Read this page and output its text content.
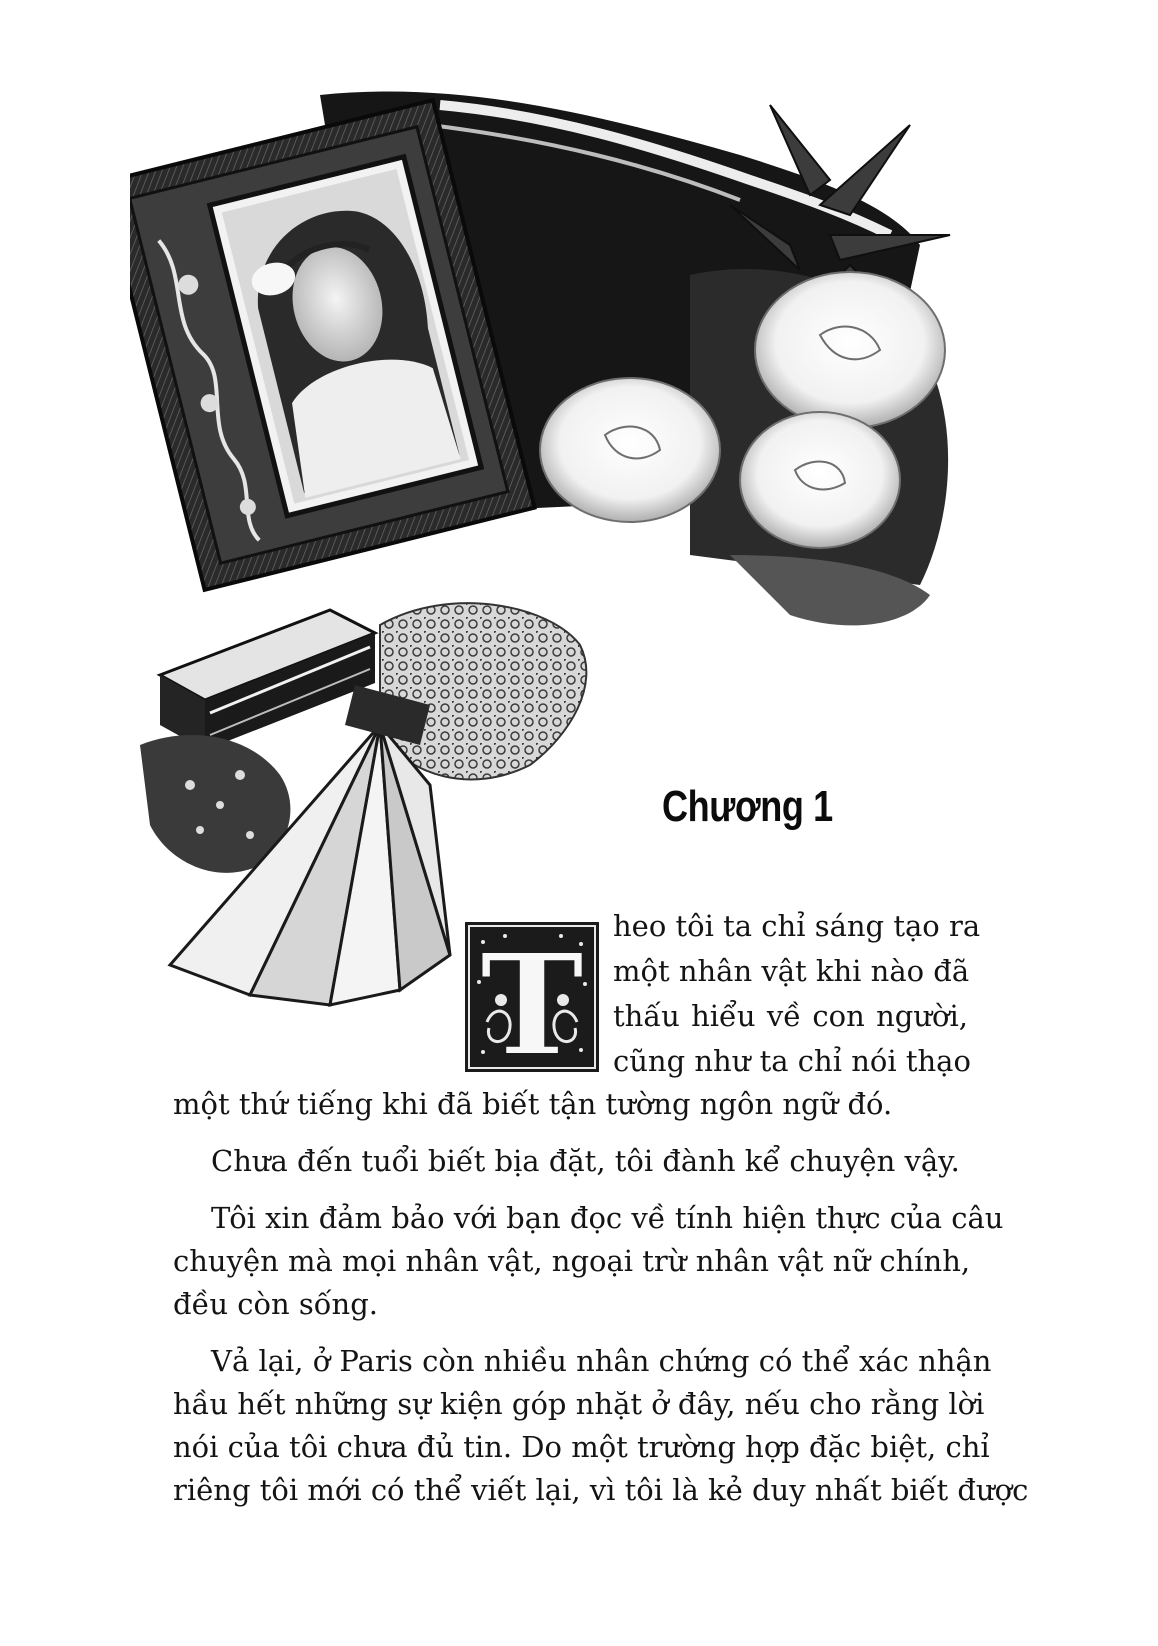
Chương 1
T heo tôi ta chỉ sáng tạo ra
một nhân vật khi nào đã
thấu hiểu về con người,
cũng như ta chỉ nói thạo
một thứ tiếng khi đã biết tận tường ngôn ngữ đó.

Chưa đến tuổi biết bịa đặt, tôi đành kể chuyện vậy.

Tôi xin đảm bảo với bạn đọc về tính hiện thực của câu
chuyện mà mọi nhân vật, ngoại trừ nhân vật nữ chính,
đều còn sống.

Vả lại, ở Paris còn nhiều nhân chứng có thể xác nhận
hầu hết những sự kiện góp nhặt ở đây, nếu cho rằng lời
nói của tôi chưa đủ tin. Do một trường hợp đặc biệt, chỉ
riêng tôi mới có thể viết lại, vì tôi là kẻ duy nhất biết được
